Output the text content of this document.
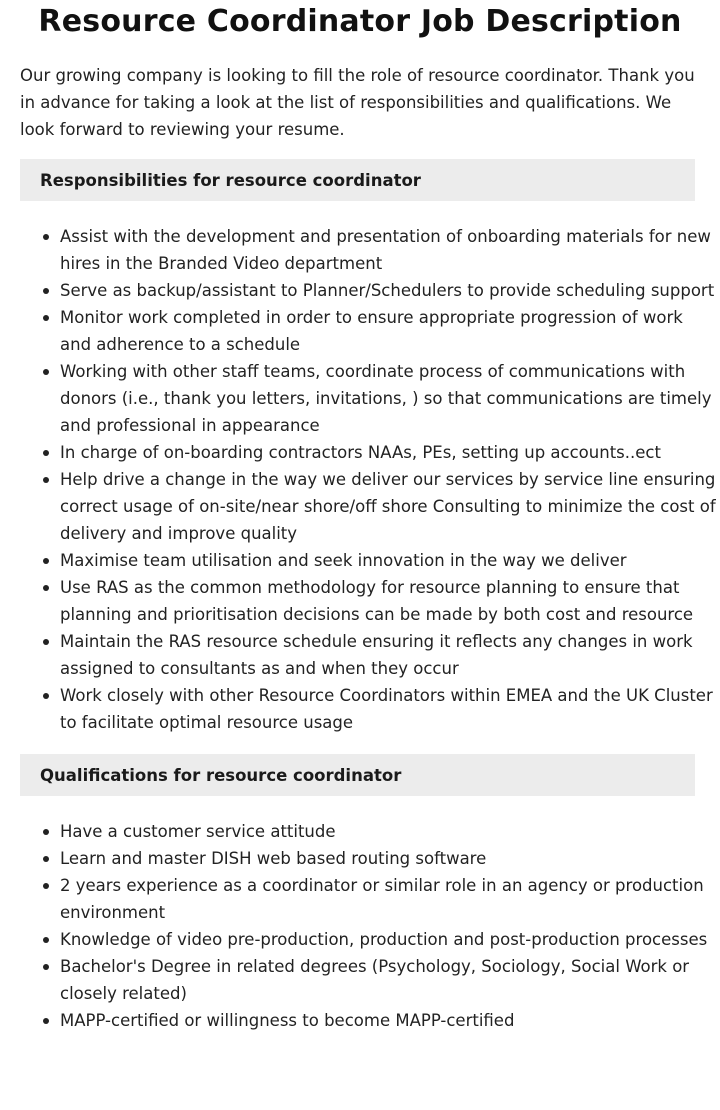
Resource Coordinator Job Description

Our growing company is looking to fill the role of resource coordinator. Thank you in advance for taking a look at the list of responsibilities and qualifications. We look forward to reviewing your resume.

Responsibilities for resource coordinator
Assist with the development and presentation of onboarding materials for new hires in the Branded Video department
Serve as backup/assistant to Planner/Schedulers to provide scheduling support
Monitor work completed in order to ensure appropriate progression of work and adherence to a schedule
Working with other staff teams, coordinate process of communications with donors (i.e., thank you letters, invitations, ) so that communications are timely and professional in appearance
In charge of on-boarding contractors NAAs, PEs, setting up accounts..ect
Help drive a change in the way we deliver our services by service line ensuring correct usage of on-site/near shore/off shore Consulting to minimize the cost of delivery and improve quality
Maximise team utilisation and seek innovation in the way we deliver
Use RAS as the common methodology for resource planning to ensure that planning and prioritisation decisions can be made by both cost and resource
Maintain the RAS resource schedule ensuring it reflects any changes in work assigned to consultants as and when they occur
Work closely with other Resource Coordinators within EMEA and the UK Cluster to facilitate optimal resource usage
Qualifications for resource coordinator
Have a customer service attitude
Learn and master DISH web based routing software
2 years experience as a coordinator or similar role in an agency or production environment
Knowledge of video pre-production, production and post-production processes
Bachelor's Degree in related degrees (Psychology, Sociology, Social Work or closely related)
MAPP-certified or willingness to become MAPP-certified
